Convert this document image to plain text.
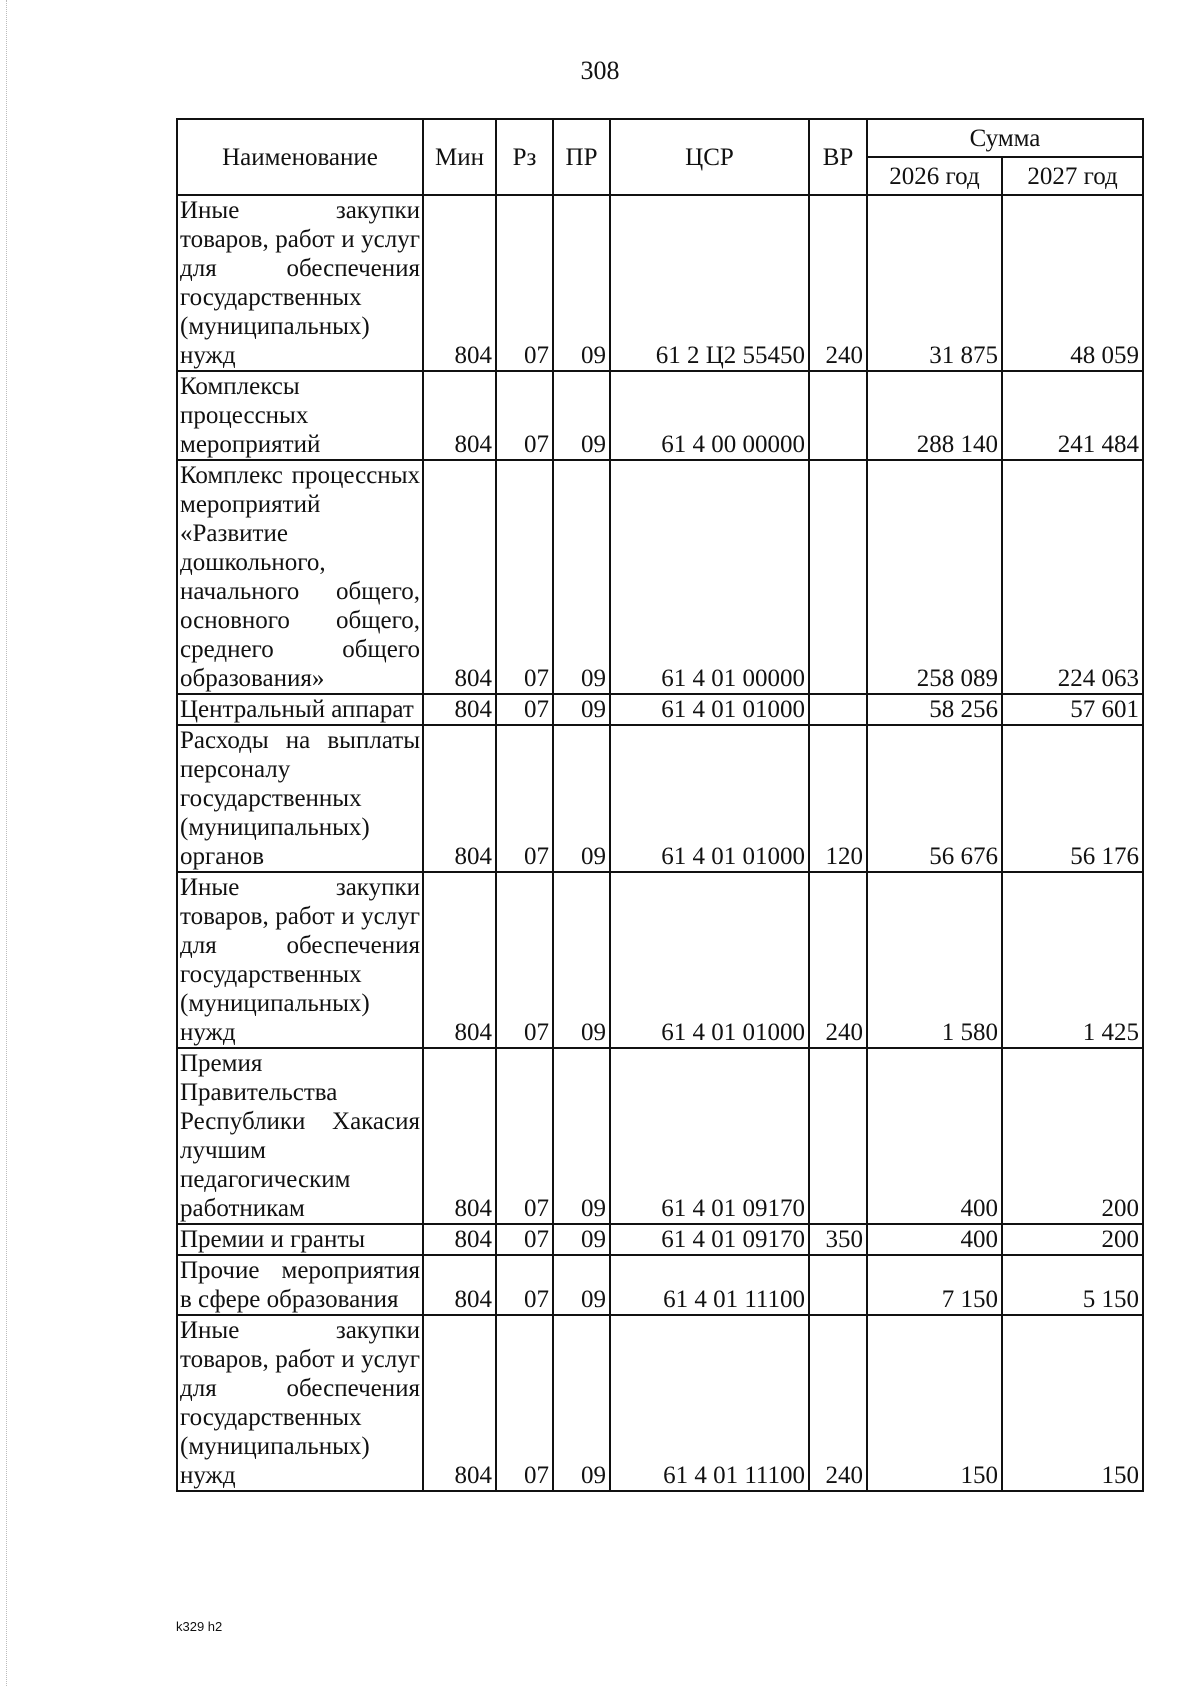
308
Наименование	Мин	Рз	ПР	ЦСР	ВР	Сумма	
						2026 год	2027 год
Иные закупки товаров, работ и услуг для обеспечения государственных (муниципальных) нужд	804	07	09	61 2 Ц2 55450	240	31 875	48 059
Комплексы процессных мероприятий	804	07	09	61 4 00 00000		288 140	241 484
Комплекс процессных мероприятий «Развитие дошкольного, начального общего, основного общего, среднего общего образования»	804	07	09	61 4 01 00000		258 089	224 063
Центральный аппарат	804	07	09	61 4 01 01000		58 256	57 601
Расходы на выплаты персоналу государственных (муниципальных) органов	804	07	09	61 4 01 01000	120	56 676	56 176
Иные закупки товаров, работ и услуг для обеспечения государственных (муниципальных) нужд	804	07	09	61 4 01 01000	240	1 580	1 425
Премия Правительства Республики Хакасия лучшим педагогическим работникам	804	07	09	61 4 01 09170		400	200
Премии и гранты	804	07	09	61 4 01 09170	350	400	200
Прочие мероприятия в сфере образования	804	07	09	61 4 01 11100		7 150	5 150
Иные закупки товаров, работ и услуг для обеспечения государственных (муниципальных) нужд	804	07	09	61 4 01 11100	240	150	150
k329 h2
